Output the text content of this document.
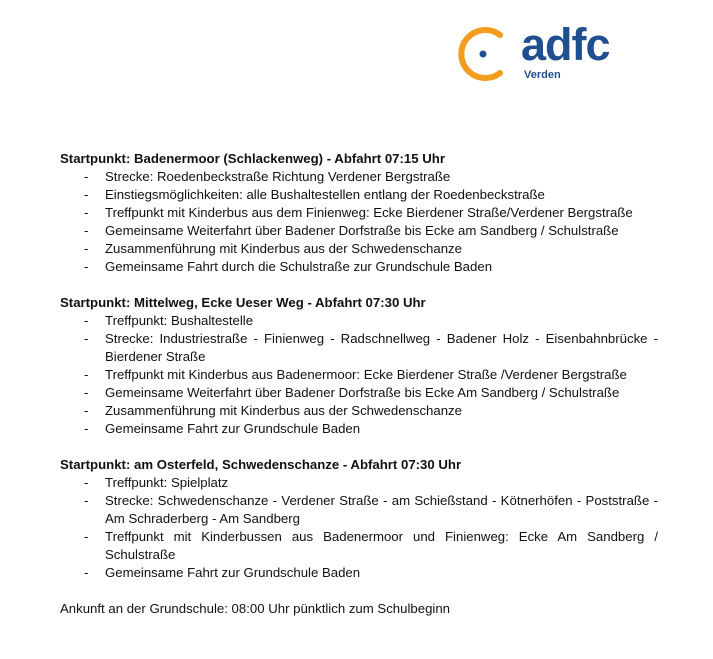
adfc
Verden
Startpunkt: Badenermoor (Schlackenweg) - Abfahrt 07:15 Uhr
- Strecke: Roedenbeckstraße Richtung Verdener Bergstraße
- Einstiegsmöglichkeiten: alle Bushaltestellen entlang der Roedenbeckstraße
- Treffpunkt mit Kinderbus aus dem Finienweg: Ecke Bierdener Straße/Verdener Bergstraße
- Gemeinsame Weiterfahrt über Badener Dorfstraße bis Ecke am Sandberg / Schulstraße
- Zusammenführung mit Kinderbus aus der Schwedenschanze
- Gemeinsame Fahrt durch die Schulstraße zur Grundschule Baden
Startpunkt: Mittelweg, Ecke Ueser Weg - Abfahrt 07:30 Uhr
- Treffpunkt: Bushaltestelle
- Strecke: Industriestraße - Finienweg - Radschnellweg - Badener Holz - Eisenbahnbrücke - Bierdener Straße
- Treffpunkt mit Kinderbus aus Badenermoor: Ecke Bierdener Straße /Verdener Bergstraße
- Gemeinsame Weiterfahrt über Badener Dorfstraße bis Ecke Am Sandberg / Schulstraße
- Zusammenführung mit Kinderbus aus der Schwedenschanze
- Gemeinsame Fahrt zur Grundschule Baden
Startpunkt: am Osterfeld, Schwedenschanze - Abfahrt 07:30 Uhr
- Treffpunkt: Spielplatz
- Strecke: Schwedenschanze - Verdener Straße - am Schießstand - Kötnerhöfen - Poststraße - Am Schraderberg - Am Sandberg
- Treffpunkt mit Kinderbussen aus Badenermoor und Finienweg: Ecke Am Sandberg / Schulstraße
- Gemeinsame Fahrt zur Grundschule Baden
Ankunft an der Grundschule: 08:00 Uhr pünktlich zum Schulbeginn
